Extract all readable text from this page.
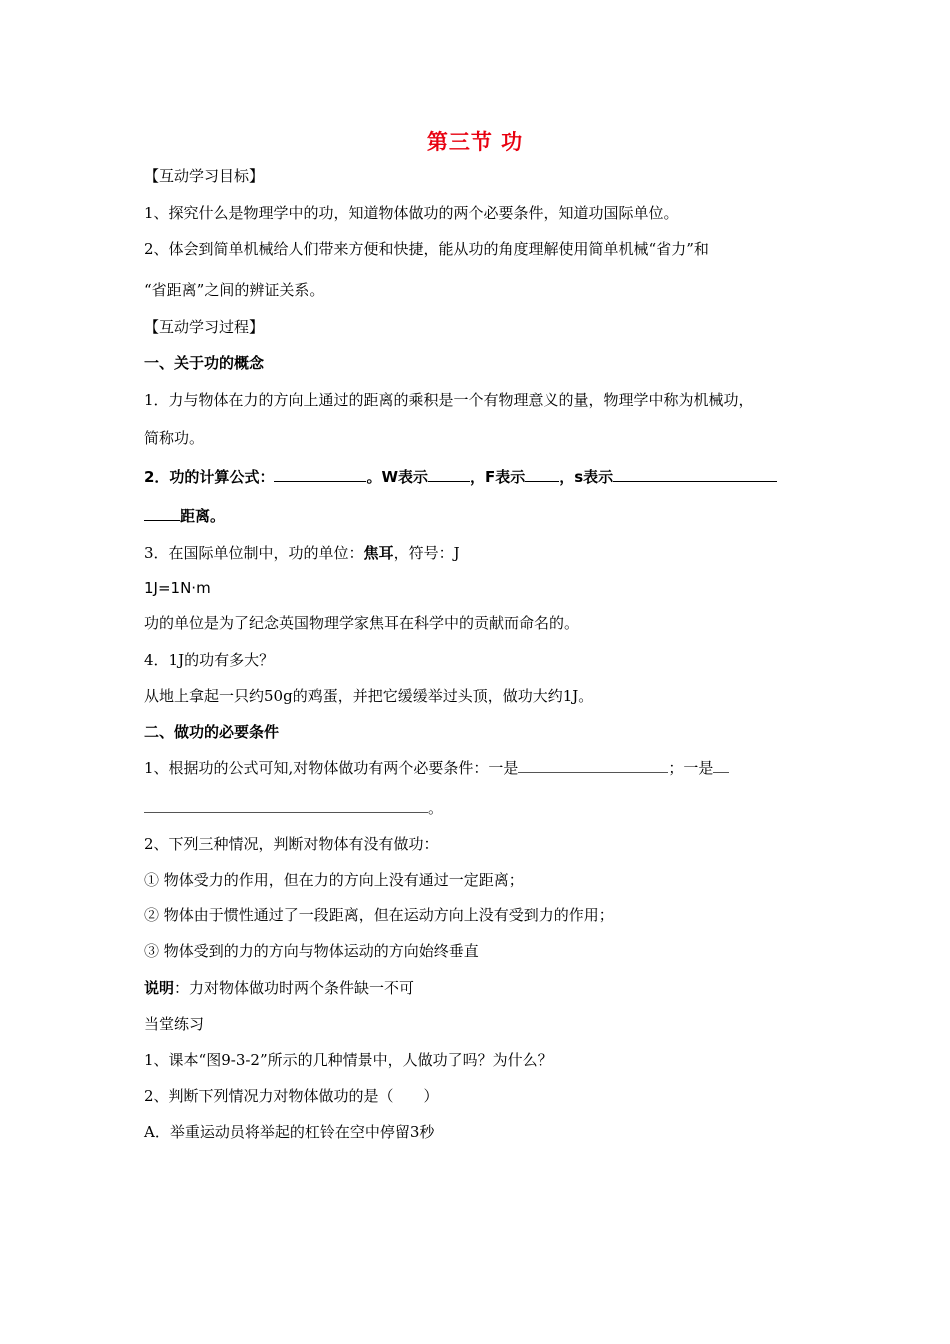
第三节 功

【互动学习目标】

1、探究什么是物理学中的功，知道物体做功的两个必要条件，知道功国际单位。

2、体会到简单机械给人们带来方便和快捷，能从功的角度理解使用简单机械“省力”和

“省距离”之间的辨证关系。

【互动学习过程】

一、关于功的概念

1．力与物体在力的方向上通过的距离的乘积是一个有物理意义的量，物理学中称为机械功，

简称功。

2．功的计算公式：	。W表示	，F表示 ，s表示

距离。

3．在国际单位制中，功的单位：焦耳，符号：J

1J=1N·m

功的单位是为了纪念英国物理学家焦耳在科学中的贡献而命名的。

4．1J的功有多大？

从地上拿起一只约50g的鸡蛋，并把它缓缓举过头顶，做功大约1J。

二、做功的必要条件

1、根据功的公式可知,对物体做功有两个必要条件：一是	；一是

。

2、下列三种情况，判断对物体有没有做功：

① 物体受力的作用，但在力的方向上没有通过一定距离；

② 物体由于惯性通过了一段距离，但在运动方向上没有受到力的作用；

③ 物体受到的力的方向与物体运动的方向始终垂直

说明：力对物体做功时两个条件缺一不可

当堂练习

1、课本“图9-3-2”所示的几种情景中，人做功了吗？为什么？

2、判断下列情况力对物体做功的是（　　）

A．举重运动员将举起的杠铃在空中停留3秒
